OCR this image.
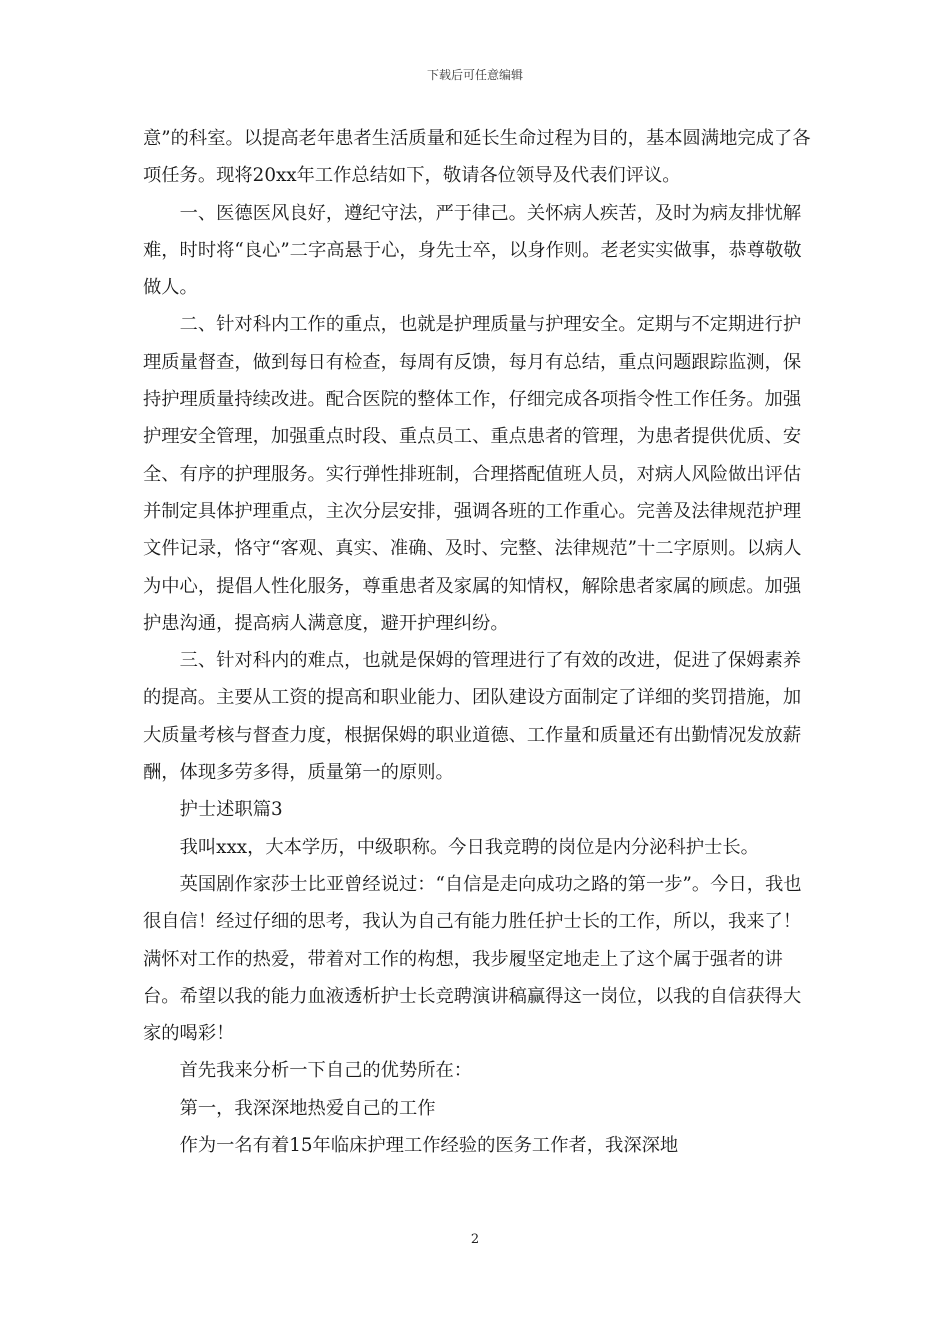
下载后可任意编辑

意”的科室。以提高老年患者生活质量和延长生命过程为目的，基本圆满地完成了各项任务。现将20xx年工作总结如下，敬请各位领导及代表们评议。

一、医德医风良好，遵纪守法，严于律己。关怀病人疾苦，及时为病友排忧解难，时时将“良心”二字高悬于心，身先士卒，以身作则。老老实实做事，恭尊敬敬做人。

二、针对科内工作的重点，也就是护理质量与护理安全。定期与不定期进行护理质量督查，做到每日有检查，每周有反馈，每月有总结，重点问题跟踪监测，保持护理质量持续改进。配合医院的整体工作，仔细完成各项指令性工作任务。加强护理安全管理，加强重点时段、重点员工、重点患者的管理，为患者提供优质、安全、有序的护理服务。实行弹性排班制，合理搭配值班人员，对病人风险做出评估并制定具体护理重点，主次分层安排，强调各班的工作重心。完善及法律规范护理文件记录，恪守“客观、真实、准确、及时、完整、法律规范”十二字原则。以病人为中心，提倡人性化服务，尊重患者及家属的知情权，解除患者家属的顾虑。加强护患沟通，提高病人满意度，避开护理纠纷。

三、针对科内的难点，也就是保姆的管理进行了有效的改进，促进了保姆素养的提高。主要从工资的提高和职业能力、团队建设方面制定了详细的奖罚措施，加大质量考核与督查力度，根据保姆的职业道德、工作量和质量还有出勤情况发放薪酬，体现多劳多得，质量第一的原则。

护士述职篇3

我叫xxx，大本学历，中级职称。今日我竞聘的岗位是内分泌科护士长。

英国剧作家莎士比亚曾经说过：“自信是走向成功之路的第一步”。今日，我也很自信！经过仔细的思考，我认为自己有能力胜任护士长的工作，所以，我来了！满怀对工作的热爱，带着对工作的构想，我步履坚定地走上了这个属于强者的讲台。希望以我的能力血液透析护士长竞聘演讲稿赢得这一岗位，以我的自信获得大家的喝彩！

首先我来分析一下自己的优势所在：

第一，我深深地热爱自己的工作

作为一名有着15年临床护理工作经验的医务工作者，我深深地

2
